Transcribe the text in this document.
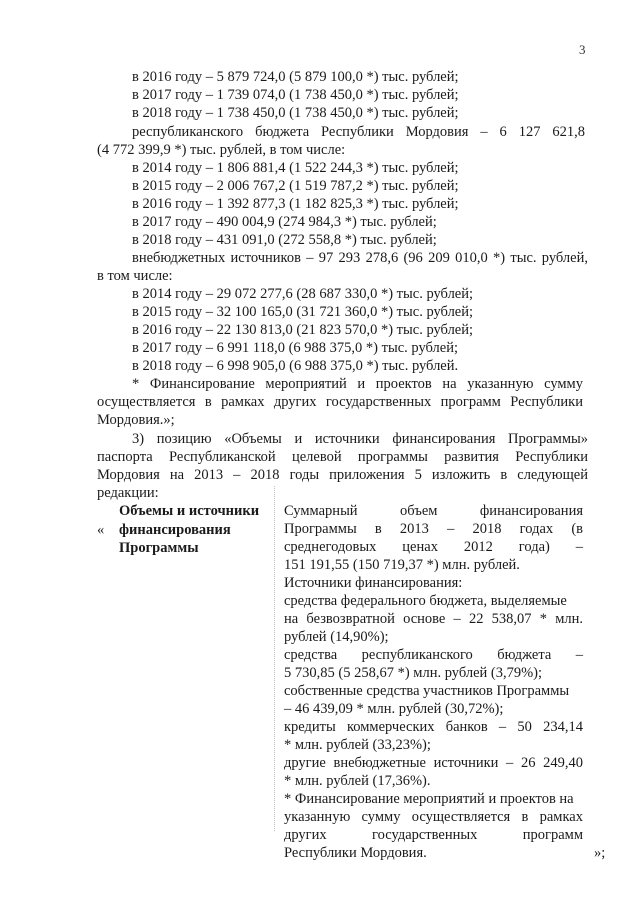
3
в 2016 году – 5 879 724,0 (5 879 100,0 *) тыс. рублей;
в 2017 году – 1 739 074,0 (1 738 450,0 *) тыс. рублей;
в 2018 году – 1 738 450,0 (1 738 450,0 *) тыс. рублей;
республиканского бюджета Республики Мордовия – 6 127 621,8
(4 772 399,9 *) тыс. рублей, в том числе:
в 2014 году – 1 806 881,4 (1 522 244,3 *) тыс. рублей;
в 2015 году – 2 006 767,2 (1 519 787,2 *) тыс. рублей;
в 2016 году – 1 392 877,3 (1 182 825,3 *) тыс. рублей;
в 2017 году – 490 004,9 (274 984,3 *) тыс. рублей;
в 2018 году – 431 091,0 (272 558,8 *) тыс. рублей;
внебюджетных источников – 97 293 278,6 (96 209 010,0 *) тыс. рублей,
в том числе:
в 2014 году – 29 072 277,6 (28 687 330,0 *) тыс. рублей;
в 2015 году – 32 100 165,0 (31 721 360,0 *) тыс. рублей;
в 2016 году – 22 130 813,0 (21 823 570,0 *) тыс. рублей;
в 2017 году – 6 991 118,0 (6 988 375,0 *) тыс. рублей;
в 2018 году – 6 998 905,0 (6 988 375,0 *) тыс. рублей.
* Финансирование мероприятий и проектов на указанную сумму
осуществляется в рамках других государственных программ Республики
Мордовия.»;
3) позицию «Объемы и источники финансирования Программы»
паспорта Республиканской целевой программы развития Республики
Мордовия на 2013 – 2018 годы приложения 5 изложить в следующей
редакции:
«
Объемы и источники
финансирования
Программы
Суммарный объем финансирования
Программы в 2013 – 2018 годах (в
среднегодовых ценах 2012 года) –
151 191,55 (150 719,37 *) млн. рублей.
Источники финансирования:
средства федерального бюджета, выделяемые
на безвозвратной основе – 22 538,07 * млн.
рублей (14,90%);
средства республиканского бюджета –
5 730,85 (5 258,67 *) млн. рублей (3,79%);
собственные средства участников Программы
– 46 439,09 * млн. рублей (30,72%);
кредиты коммерческих банков – 50 234,14
* млн. рублей (33,23%);
другие внебюджетные источники – 26 249,40
* млн. рублей (17,36%).
* Финансирование мероприятий и проектов на
указанную сумму осуществляется в рамках
других государственных программ
Республики Мордовия.	»;
